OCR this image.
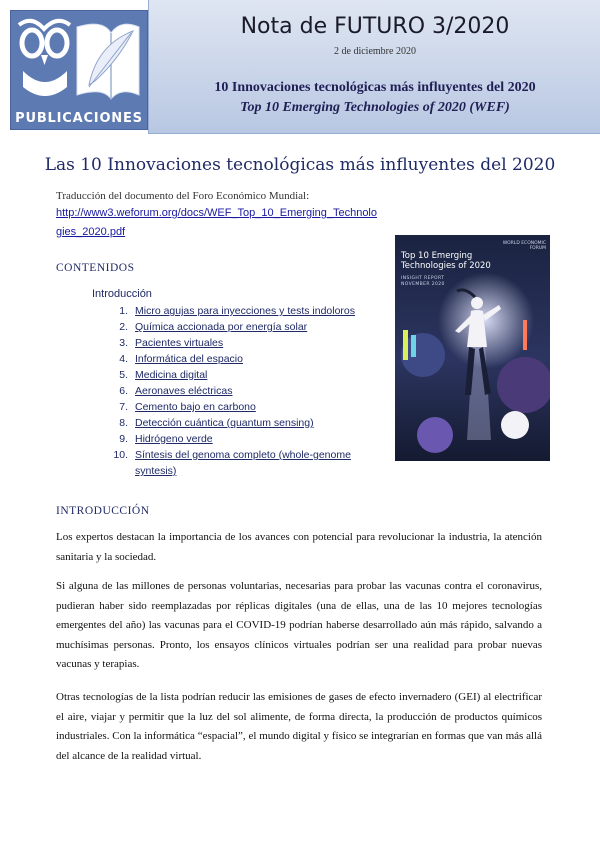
CAP
PUBLICACIONES
Nota de FUTURO 3/2020
2 de diciembre 2020
10 Innovaciones tecnológicas más influyentes del 2020
Top 10 Emerging Technologies of 2020 (WEF)
Las 10 Innovaciones tecnológicas más influyentes del 2020
Traducción del documento del Foro Económico Mundial:
http://www3.weforum.org/docs/WEF_Top_10_Emerging_Technolo
gies_2020.pdf
CONTENIDOS
Introducción
1. Micro agujas para inyecciones y tests indoloros
2. Química accionada por energía solar
3. Pacientes virtuales
4. Informática del espacio
5. Medicina digital
6. Aeronaves eléctricas
7. Cemento bajo en carbono
8. Detección cuántica (quantum sensing)
9. Hidrógeno verde
10. Síntesis del genoma completo (whole-genome
syntesis)
WORLD ECONOMIC FORUM
Top 10 Emerging
Technologies of 2020
INSIGHT REPORT
NOVEMBER 2020
INTRODUCCIÓN
Los expertos destacan la importancia de los avances con potencial para revolucionar la industria, la atención sanitaria y la sociedad.
Si alguna de las millones de personas voluntarias, necesarias para probar las vacunas contra el coronavirus, pudieran haber sido reemplazadas por réplicas digitales (una de ellas, una de las 10 mejores tecnologías emergentes del año) las vacunas para el COVID-19 podrían haberse desarrollado aún más rápido, salvando a muchísimas personas. Pronto, los ensayos clínicos virtuales podrían ser una realidad para probar nuevas vacunas y terapias.
Otras tecnologías de la lista podrían reducir las emisiones de gases de efecto invernadero (GEI) al electrificar el aire, viajar y permitir que la luz del sol alimente, de forma directa, la producción de productos químicos industriales. Con la informática “espacial”, el mundo digital y físico se integrarían en formas que van más allá del alcance de la realidad virtual.
